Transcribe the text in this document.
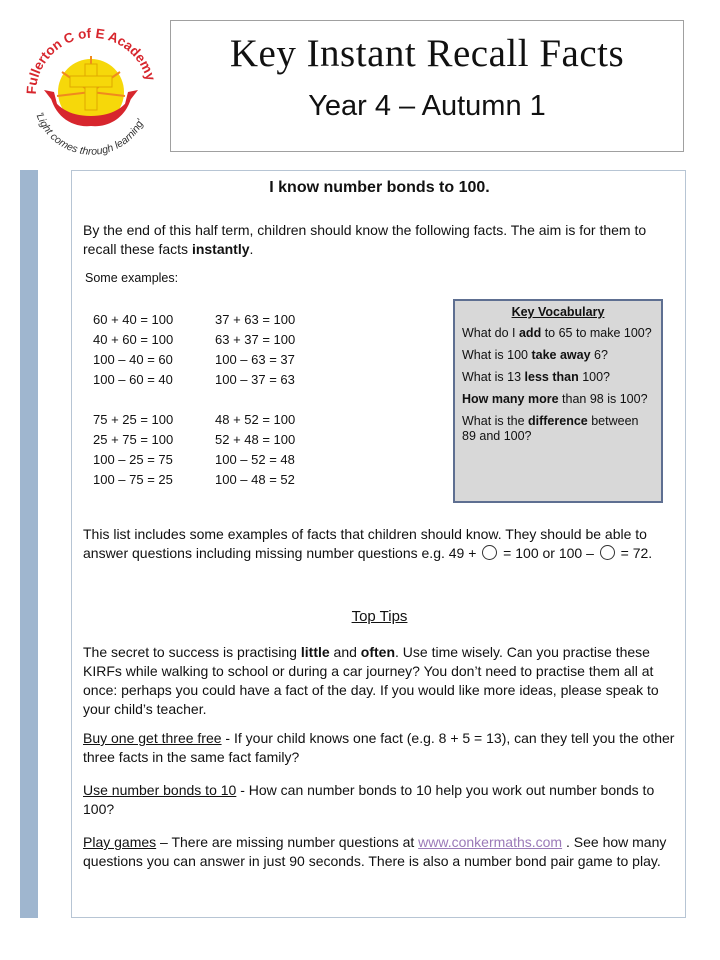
Fullerton C of E Academy
'Light comes through learning'
Key Instant Recall Facts
Year 4 – Autumn 1
I know number bonds to 100.
By the end of this half term, children should know the following facts. The aim is for them to recall these facts instantly.
Some examples:
60 + 40 = 100
40 + 60 = 100
100 – 40 = 60
100 – 60 = 40
75 + 25 = 100
25 + 75 = 100
100 – 25 = 75
100 – 75 = 25
37 + 63 = 100
63 + 37 = 100
100 – 63 = 37
100 – 37 = 63
48 + 52 = 100
52 + 48 = 100
100 – 52 = 48
100 – 48 = 52
Key Vocabulary
What do I add to 65 to make 100?
What is 100 take away 6?
What is 13 less than 100?
How many more than 98 is 100?
What is the difference between 89 and 100?
This list includes some examples of facts that children should know. They should be able to answer questions including missing number questions e.g. 49 +  = 100 or 100 –  = 72.
Top Tips
The secret to success is practising little and often. Use time wisely. Can you practise these KIRFs while walking to school or during a car journey? You don’t need to practise them all at once: perhaps you could have a fact of the day. If you would like more ideas, please speak to your child’s teacher.
Buy one get three free - If your child knows one fact (e.g. 8 + 5 = 13), can they tell you the other three facts in the same fact family?
Use number bonds to 10 - How can number bonds to 10 help you work out number bonds to 100?
Play games – There are missing number questions at www.conkermaths.com . See how many questions you can answer in just 90 seconds. There is also a number bond pair game to play.
